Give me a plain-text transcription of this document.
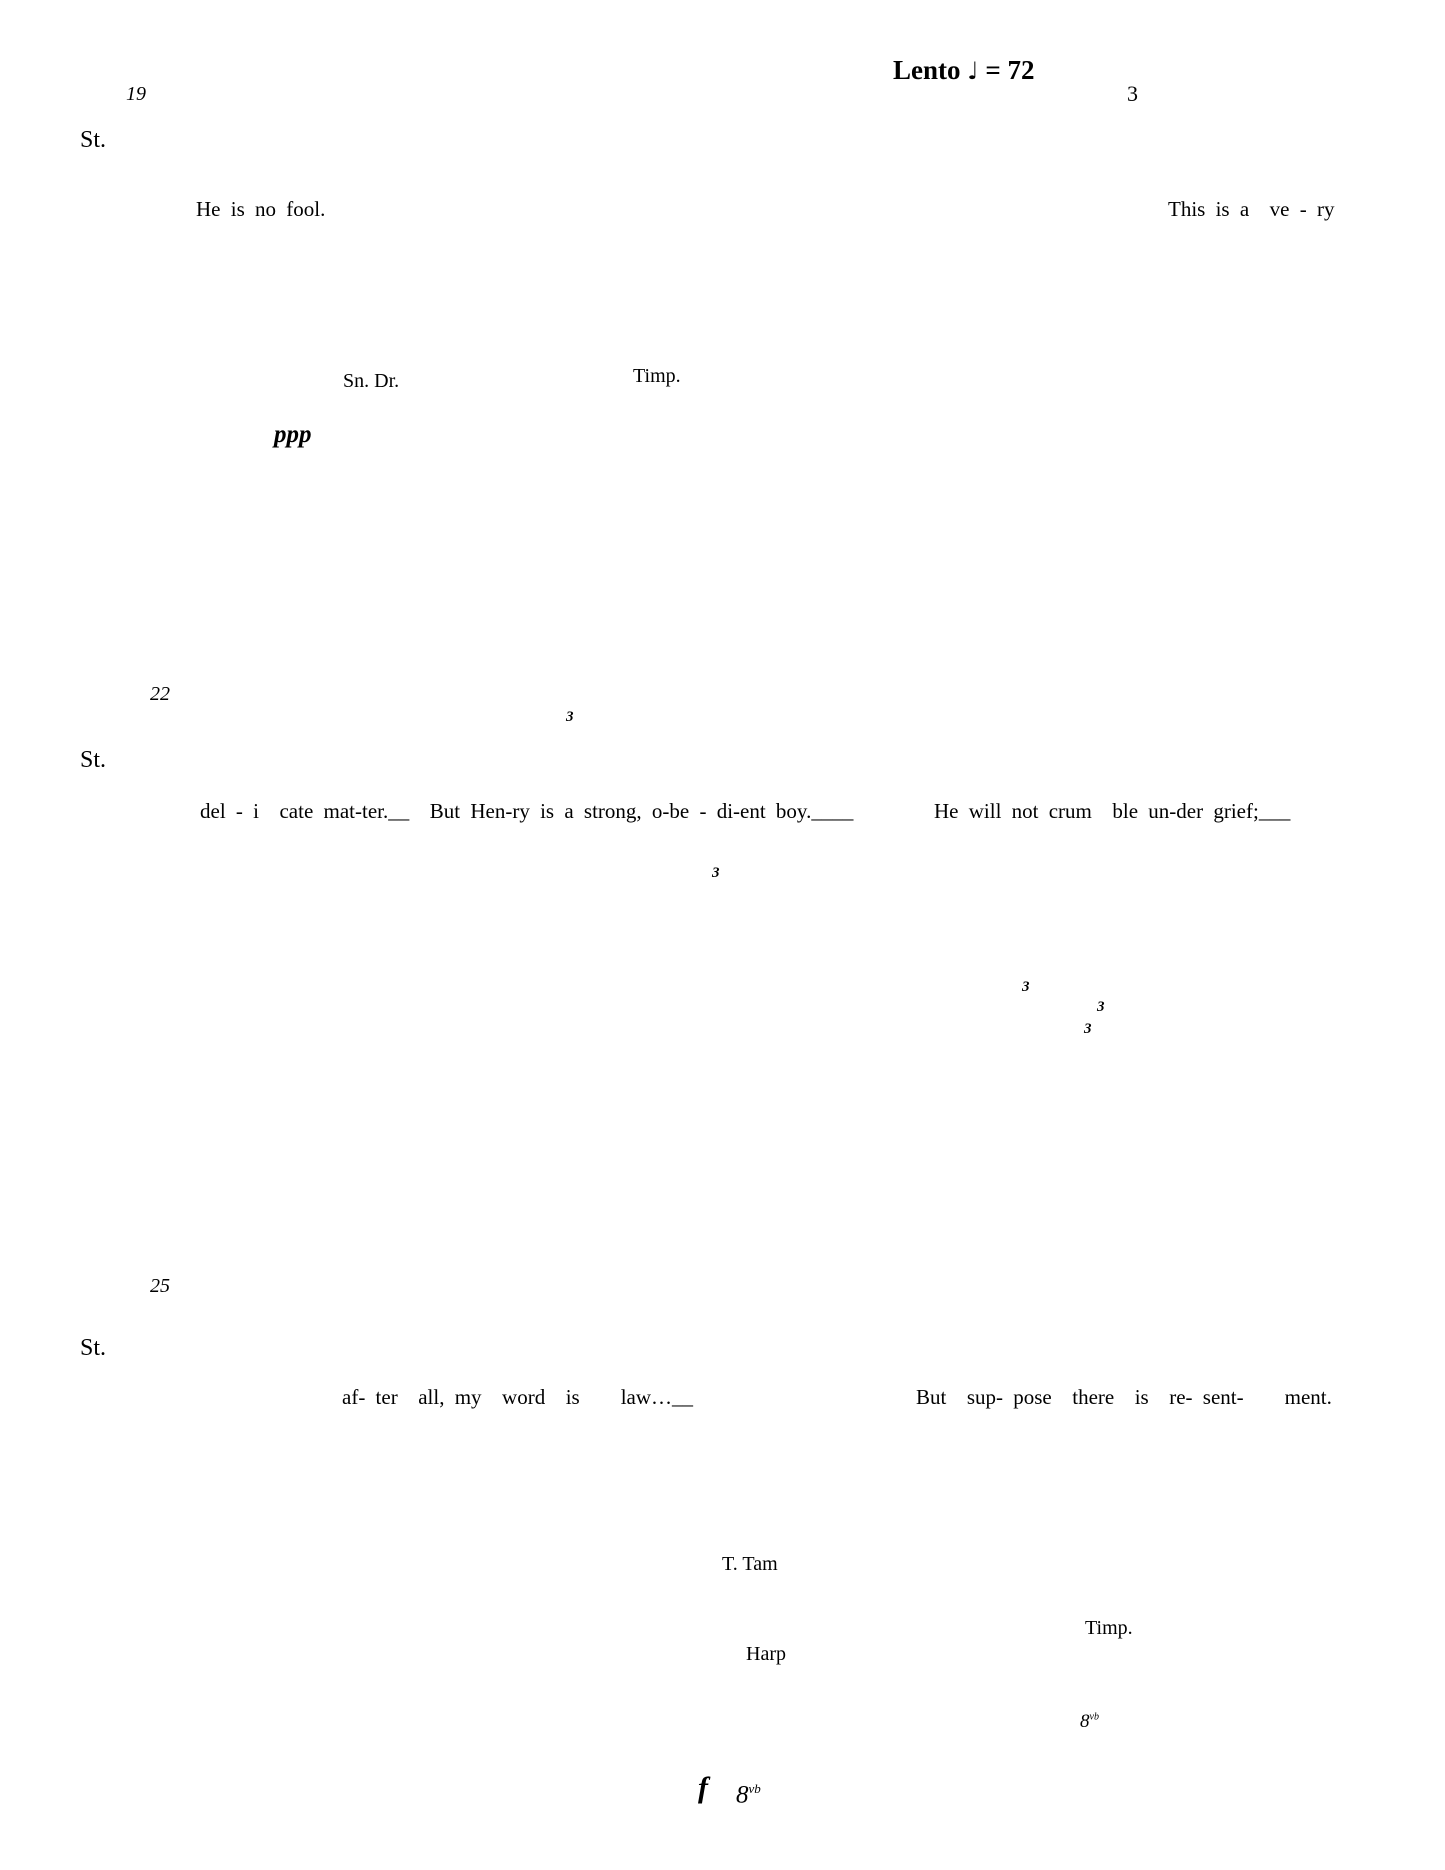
Lento ♩ = 72
3
19
St.
He is no fool.	This is a  ve - ry
Sn. Dr.
ppp
Timp.
22
St.
del - i  cate mat-ter.__  But Hen-ry is a strong, o-be - di-ent boy.____	He will not crum  ble un-der grief;___
3
3
3
3
3
25
St.
af- ter  all, my  word  is    law…__	But  sup- pose  there  is  re- sent-    ment.
T. Tam
Harp
Timp.
f $8^{vb}$
$8^{vb}$
